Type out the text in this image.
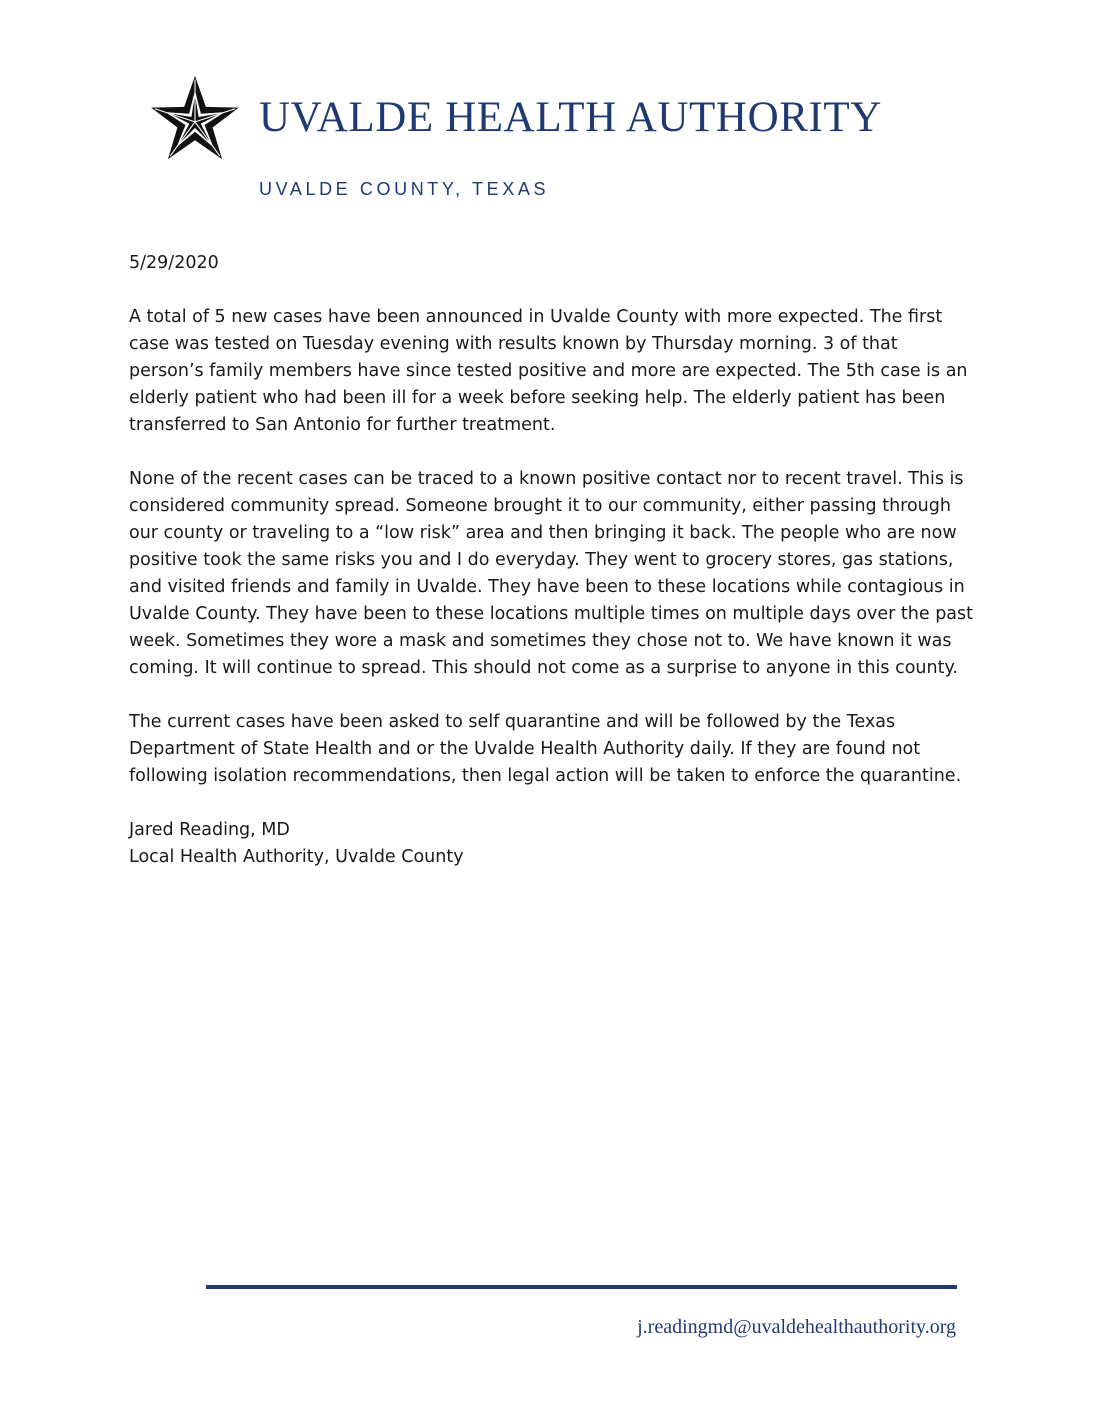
UVALDE HEALTH AUTHORITY
UVALDE COUNTY, TEXAS

5/29/2020

A total of 5 new cases have been announced in Uvalde County with more expected. The first

case was tested on Tuesday evening with results known by Thursday morning. 3 of that

person’s family members have since tested positive and more are expected. The 5th case is an

elderly patient who had been ill for a week before seeking help. The elderly patient has been

transferred to San Antonio for further treatment.

None of the recent cases can be traced to a known positive contact nor to recent travel. This is

considered community spread. Someone brought it to our community, either passing through

our county or traveling to a “low risk” area and then bringing it back. The people who are now

positive took the same risks you and I do everyday. They went to grocery stores, gas stations,

and visited friends and family in Uvalde. They have been to these locations while contagious in

Uvalde County. They have been to these locations multiple times on multiple days over the past

week. Sometimes they wore a mask and sometimes they chose not to. We have known it was

coming. It will continue to spread. This should not come as a surprise to anyone in this county.

The current cases have been asked to self quarantine and will be followed by the Texas

Department of State Health and or the Uvalde Health Authority daily. If they are found not

following isolation recommendations, then legal action will be taken to enforce the quarantine.

Jared Reading, MD

Local Health Authority, Uvalde County

j.readingmd@uvaldehealthauthority.org
